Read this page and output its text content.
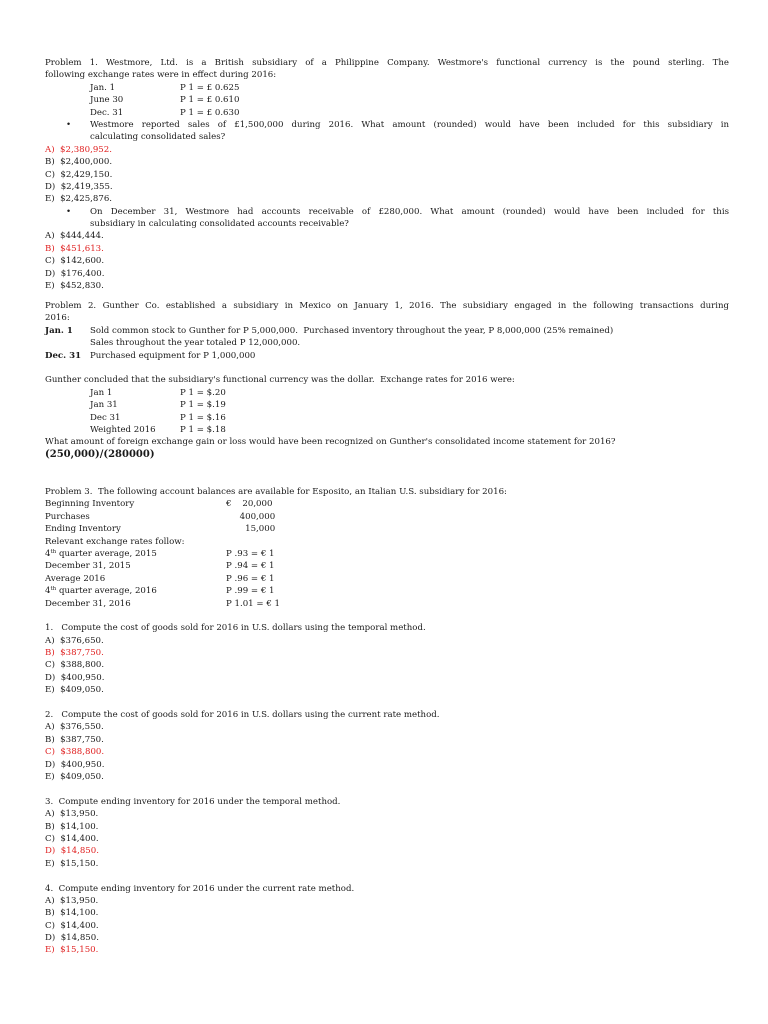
Problem 1. Westmore, Ltd. is a British subsidiary of a Philippine Company. Westmore's functional currency is the pound sterling. The
following exchange rates were in effect during 2016:
Jan. 1	P 1 = £ 0.625
June 30	P 1 = £ 0.610
Dec. 31	P 1 = £ 0.630
• Westmore reported sales of £1,500,000 during 2016. What amount (rounded) would have been included for this subsidiary in
calculating consolidated sales?
A)  $2,380,952.
B)  $2,400,000.
C)  $2,429,150.
D)  $2,419,355.
E)  $2,425,876.
• On December 31, Westmore had accounts receivable of £280,000. What amount (rounded) would have been included for this
subsidiary in calculating consolidated accounts receivable?
A)  $444,444.
B)  $451,613.
C)  $142,600.
D)  $176,400.
E)  $452,830.
Problem 2. Gunther Co. established a subsidiary in Mexico on January 1, 2016. The subsidiary engaged in the following transactions during
2016:
Jan. 1	Sold common stock to Gunther for P 5,000,000.  Purchased inventory throughout the year, P 8,000,000 (25% remained)
Sales throughout the year totaled P 12,000,000.
Dec. 31	Purchased equipment for P 1,000,000
Gunther concluded that the subsidiary's functional currency was the dollar.  Exchange rates for 2016 were:
Jan 1	P 1 = $.20
Jan 31	P 1 = $.19
Dec 31	P 1 = $.16
Weighted 2016	P 1 = $.18
What amount of foreign exchange gain or loss would have been recognized on Gunther's consolidated income statement for 2016?
(250,000)/(280000)
Problem 3.  The following account balances are available for Esposito, an Italian U.S. subsidiary for 2016:
Beginning Inventory	€    20,000
Purchases	400,000
Ending Inventory	15,000
Relevant exchange rates follow:
4th quarter average, 2015	P .93 = € 1
December 31, 2015	P .94 = € 1
Average 2016	P .96 = € 1
4th quarter average, 2016	P .99 = € 1
December 31, 2016	P 1.01 = € 1
1.   Compute the cost of goods sold for 2016 in U.S. dollars using the temporal method.
A)  $376,650.
B)  $387,750.
C)  $388,800.
D)  $400,950.
E)  $409,050.
2.   Compute the cost of goods sold for 2016 in U.S. dollars using the current rate method.
A)  $376,550.
B)  $387,750.
C)  $388,800.
D)  $400,950.
E)  $409,050.
3.  Compute ending inventory for 2016 under the temporal method.
A)  $13,950.
B)  $14,100.
C)  $14,400.
D)  $14,850.
E)  $15,150.
4.  Compute ending inventory for 2016 under the current rate method.
A)  $13,950.
B)  $14,100.
C)  $14,400.
D)  $14,850.
E)  $15,150.
